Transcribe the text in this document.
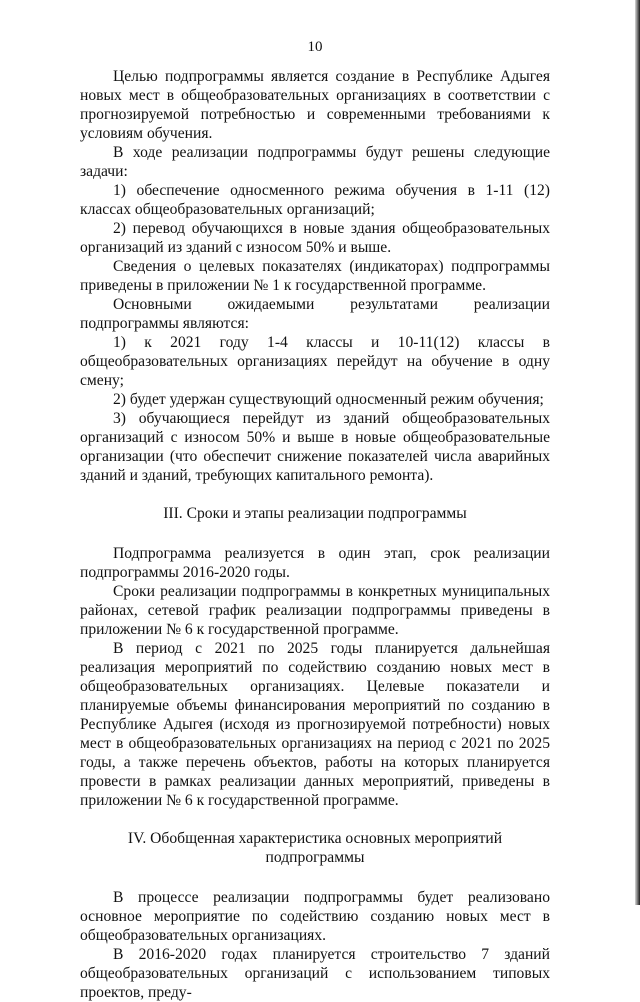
10

Целью подпрограммы является создание в Республике Адыгея новых мест в общеобразовательных организациях в соответствии с прогнозируемой потребностью и современными требованиями к условиям обучения.

В ходе реализации подпрограммы будут решены следующие задачи:

1) обеспечение односменного режима обучения в 1-11 (12) классах общеобразовательных организаций;

2) перевод обучающихся в новые здания общеобразовательных организаций из зданий с износом 50% и выше.

Сведения о целевых показателях (индикаторах) подпрограммы приведены в приложении № 1 к государственной программе.

Основными ожидаемыми результатами реализации подпрограммы являются:

1) к 2021 году 1-4 классы и 10-11(12) классы в общеобразовательных организациях перейдут на обучение в одну смену;

2) будет удержан существующий односменный режим обучения;

3) обучающиеся перейдут из зданий общеобразовательных организаций с износом 50% и выше в новые общеобразовательные организации (что обеспечит снижение показателей числа аварийных зданий и зданий, требующих капитального ремонта).

III. Сроки и этапы реализации подпрограммы

Подпрограмма реализуется в один этап, срок реализации подпрограммы 2016-2020 годы.

Сроки реализации подпрограммы в конкретных муниципальных районах, сетевой график реализации подпрограммы приведены в приложении № 6 к государственной программе.

В период с 2021 по 2025 годы планируется дальнейшая реализация мероприятий по содействию созданию новых мест в общеобразовательных организациях. Целевые показатели и планируемые объемы финансирования мероприятий по созданию в Республике Адыгея (исходя из прогнозируемой потребности) новых мест в общеобразовательных организациях на период с 2021 по 2025 годы, а также перечень объектов, работы на которых планируется провести в рамках реализации данных мероприятий, приведены в приложении № 6 к государственной программе.

IV. Обобщенная характеристика основных мероприятий подпрограммы

В процессе реализации подпрограммы будет реализовано основное мероприятие по содействию созданию новых мест в общеобразовательных организациях.

В 2016-2020 годах планируется строительство 7 зданий общеобразовательных организаций с использованием типовых проектов, преду-
